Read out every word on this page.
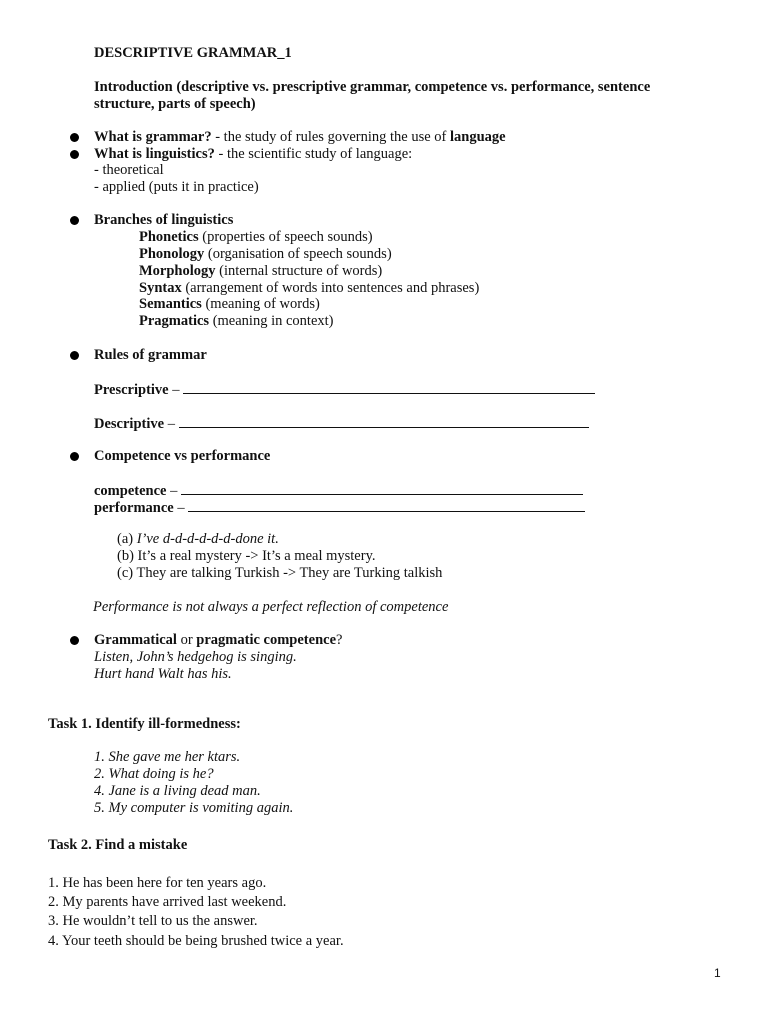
DESCRIPTIVE GRAMMAR_1
Introduction (descriptive vs. prescriptive grammar, competence vs. performance, sentence
structure, parts of speech)
What is grammar? - the study of rules governing the use of language
What is linguistics? - the scientific study of language:
- theoretical
- applied (puts it in practice)
Branches of linguistics
Phonetics (properties of speech sounds)
Phonology (organisation of speech sounds)
Morphology (internal structure of words)
Syntax (arrangement of words into sentences and phrases)
Semantics (meaning of words)
Pragmatics (meaning in context)
Rules of grammar
Prescriptive –
Descriptive –
Competence vs performance
competence –
performance –
(a) I’ve d-d-d-d-d-d-done it.
(b) It’s a real mystery -> It’s a meal mystery.
(c) They are talking Turkish -> They are Turking talkish
Performance is not always a perfect reflection of competence
Grammatical or pragmatic competence?
Listen, John’s hedgehog is singing.
Hurt hand Walt has his.
Task 1. Identify ill-formedness:
1. She gave me her ktars.
2. What doing is he?
4. Jane is a living dead man.
5. My computer is vomiting again.
Task 2. Find a mistake
1. He has been here for ten years ago.
2. My parents have arrived last weekend.
3. He wouldn’t tell to us the answer.
4. Your teeth should be being brushed twice a year.
1
